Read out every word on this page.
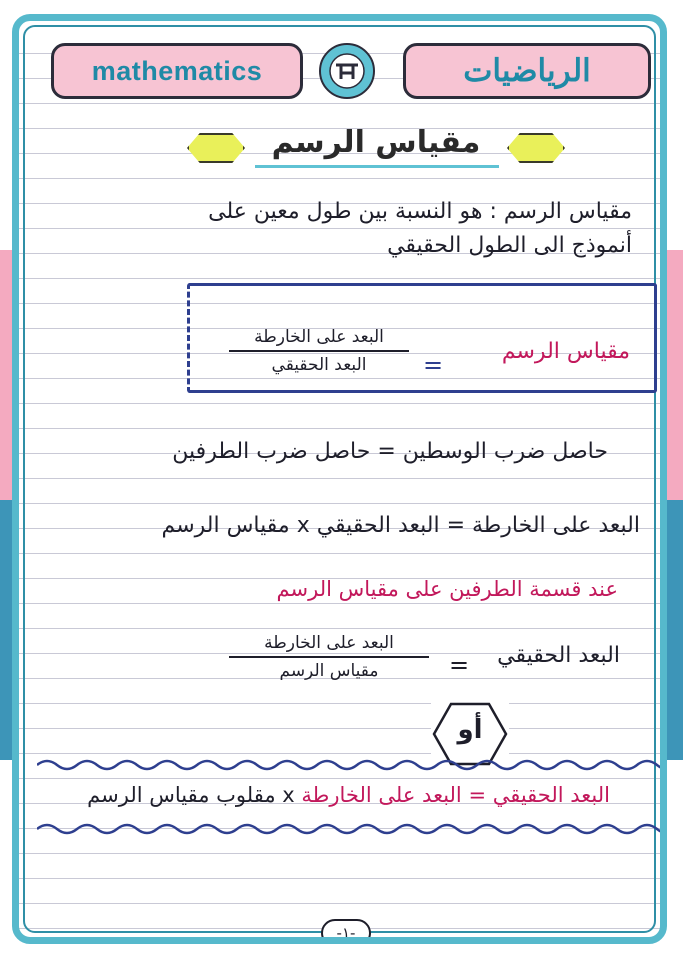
mathematics	الرياضيات
مقياس الرسم
مقياس الرسم : هو النسبة بين طول معين على
أنموذج الى الطول الحقيقي
مقياس الرسم
=
البعد على الخارطة
البعد الحقيقي
حاصل ضرب الوسطين = حاصل ضرب الطرفين
البعد على الخارطة = البعد الحقيقي x مقياس الرسم
عند قسمة الطرفين على مقياس الرسم
البعد الحقيقي
=
البعد على الخارطة
مقياس الرسم
أو
البعد الحقيقي = البعد على الخارطة x مقلوب مقياس الرسم
-١-
